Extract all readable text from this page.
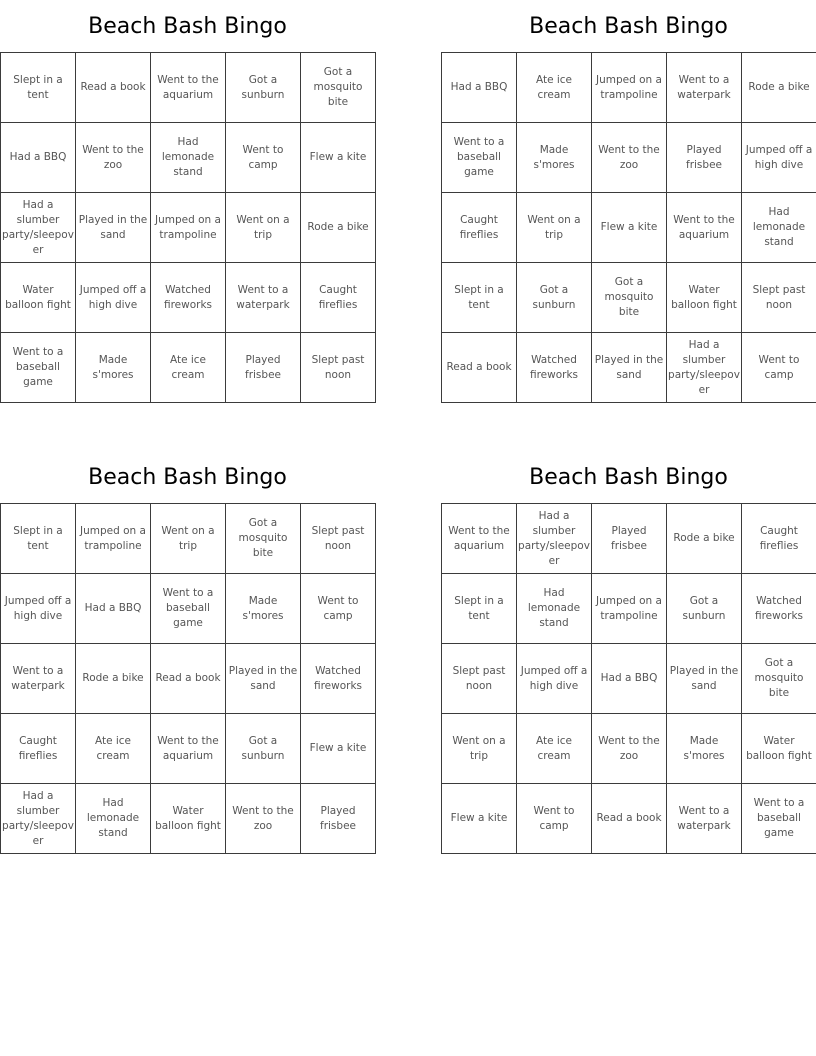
Beach Bash Bingo
Slept in a tent	Read a book	Went to the aquarium	Got a sunburn	Got a mosquito bite
Had a BBQ	Went to the zoo	Had lemonade stand	Went to camp	Flew a kite
Had a slumber party/sleepover	Played in the sand	Jumped on a trampoline	Went on a trip	Rode a bike
Water balloon fight	Jumped off a high dive	Watched fireworks	Went to a waterpark	Caught fireflies
Went to a baseball game	Made s'mores	Ate ice cream	Played frisbee	Slept past noon
Beach Bash Bingo
Had a BBQ	Ate ice cream	Jumped on a trampoline	Went to a waterpark	Rode a bike
Went to a baseball game	Made s'mores	Went to the zoo	Played frisbee	Jumped off a high dive
Caught fireflies	Went on a trip	Flew a kite	Went to the aquarium	Had lemonade stand
Slept in a tent	Got a sunburn	Got a mosquito bite	Water balloon fight	Slept past noon
Read a book	Watched fireworks	Played in the sand	Had a slumber party/sleepover	Went to camp
Beach Bash Bingo
Slept in a tent	Jumped on a trampoline	Went on a trip	Got a mosquito bite	Slept past noon
Jumped off a high dive	Had a BBQ	Went to a baseball game	Made s'mores	Went to camp
Went to a waterpark	Rode a bike	Read a book	Played in the sand	Watched fireworks
Caught fireflies	Ate ice cream	Went to the aquarium	Got a sunburn	Flew a kite
Had a slumber party/sleepover	Had lemonade stand	Water balloon fight	Went to the zoo	Played frisbee
Beach Bash Bingo
Went to the aquarium	Had a slumber party/sleepover	Played frisbee	Rode a bike	Caught fireflies
Slept in a tent	Had lemonade stand	Jumped on a trampoline	Got a sunburn	Watched fireworks
Slept past noon	Jumped off a high dive	Had a BBQ	Played in the sand	Got a mosquito bite
Went on a trip	Ate ice cream	Went to the zoo	Made s'mores	Water balloon fight
Flew a kite	Went to camp	Read a book	Went to a waterpark	Went to a baseball game
